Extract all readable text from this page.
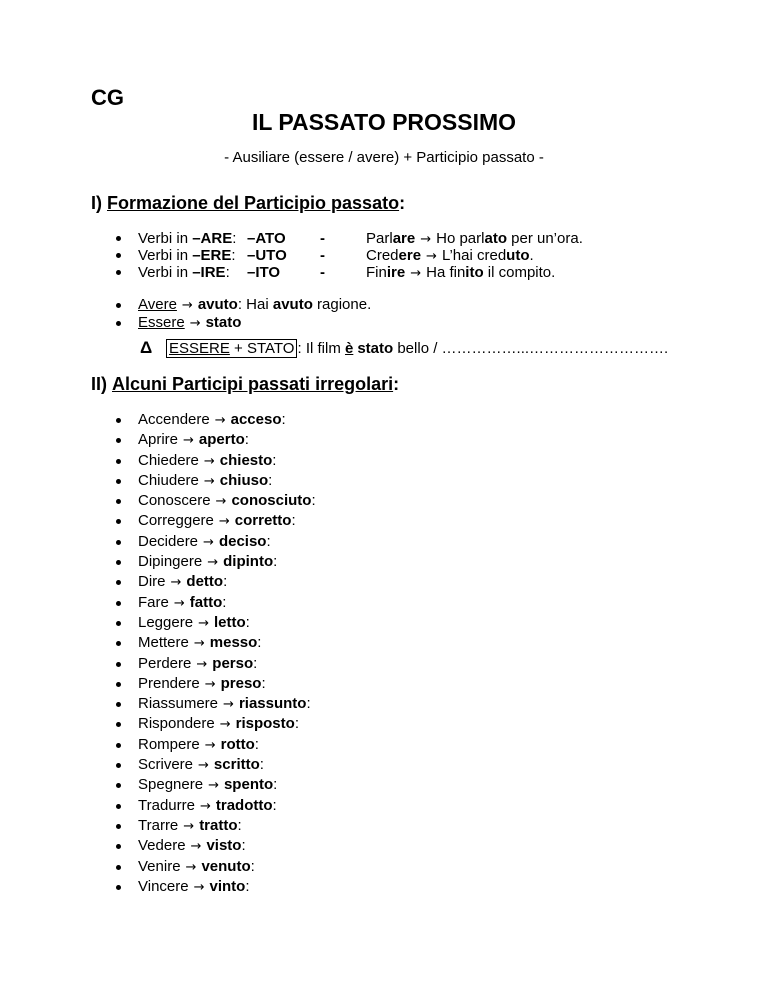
CG
IL PASSATO PROSSIMO
- Ausiliare (essere / avere) + Participio passato -
I) Formazione del Participio passato:
Verbi in –ARE: –ATO -	Parlare → Ho parlato per un’ora.
Verbi in –ERE: –UTO -	Credere → L’hai creduto.
Verbi in –IRE: –ITO	-	Finire → Ha finito il compito.
Avere → avuto: Hai avuto ragione.
Essere → stato
Δ ESSERE + STATO : Il film è stato bello / ……………...……………………….
II) Alcuni Participi passati irregolari:
Accendere → acceso:
Aprire → aperto:
Chiedere → chiesto:
Chiudere → chiuso:
Conoscere → conosciuto:
Correggere → corretto:
Decidere → deciso:
Dipingere → dipinto:
Dire → detto:
Fare → fatto:
Leggere → letto:
Mettere → messo:
Perdere → perso:
Prendere → preso:
Riassumere → riassunto:
Rispondere → risposto:
Rompere → rotto:
Scrivere → scritto:
Spegnere → spento:
Tradurre → tradotto:
Trarre → tratto:
Vedere → visto:
Venire → venuto:
Vincere → vinto:
